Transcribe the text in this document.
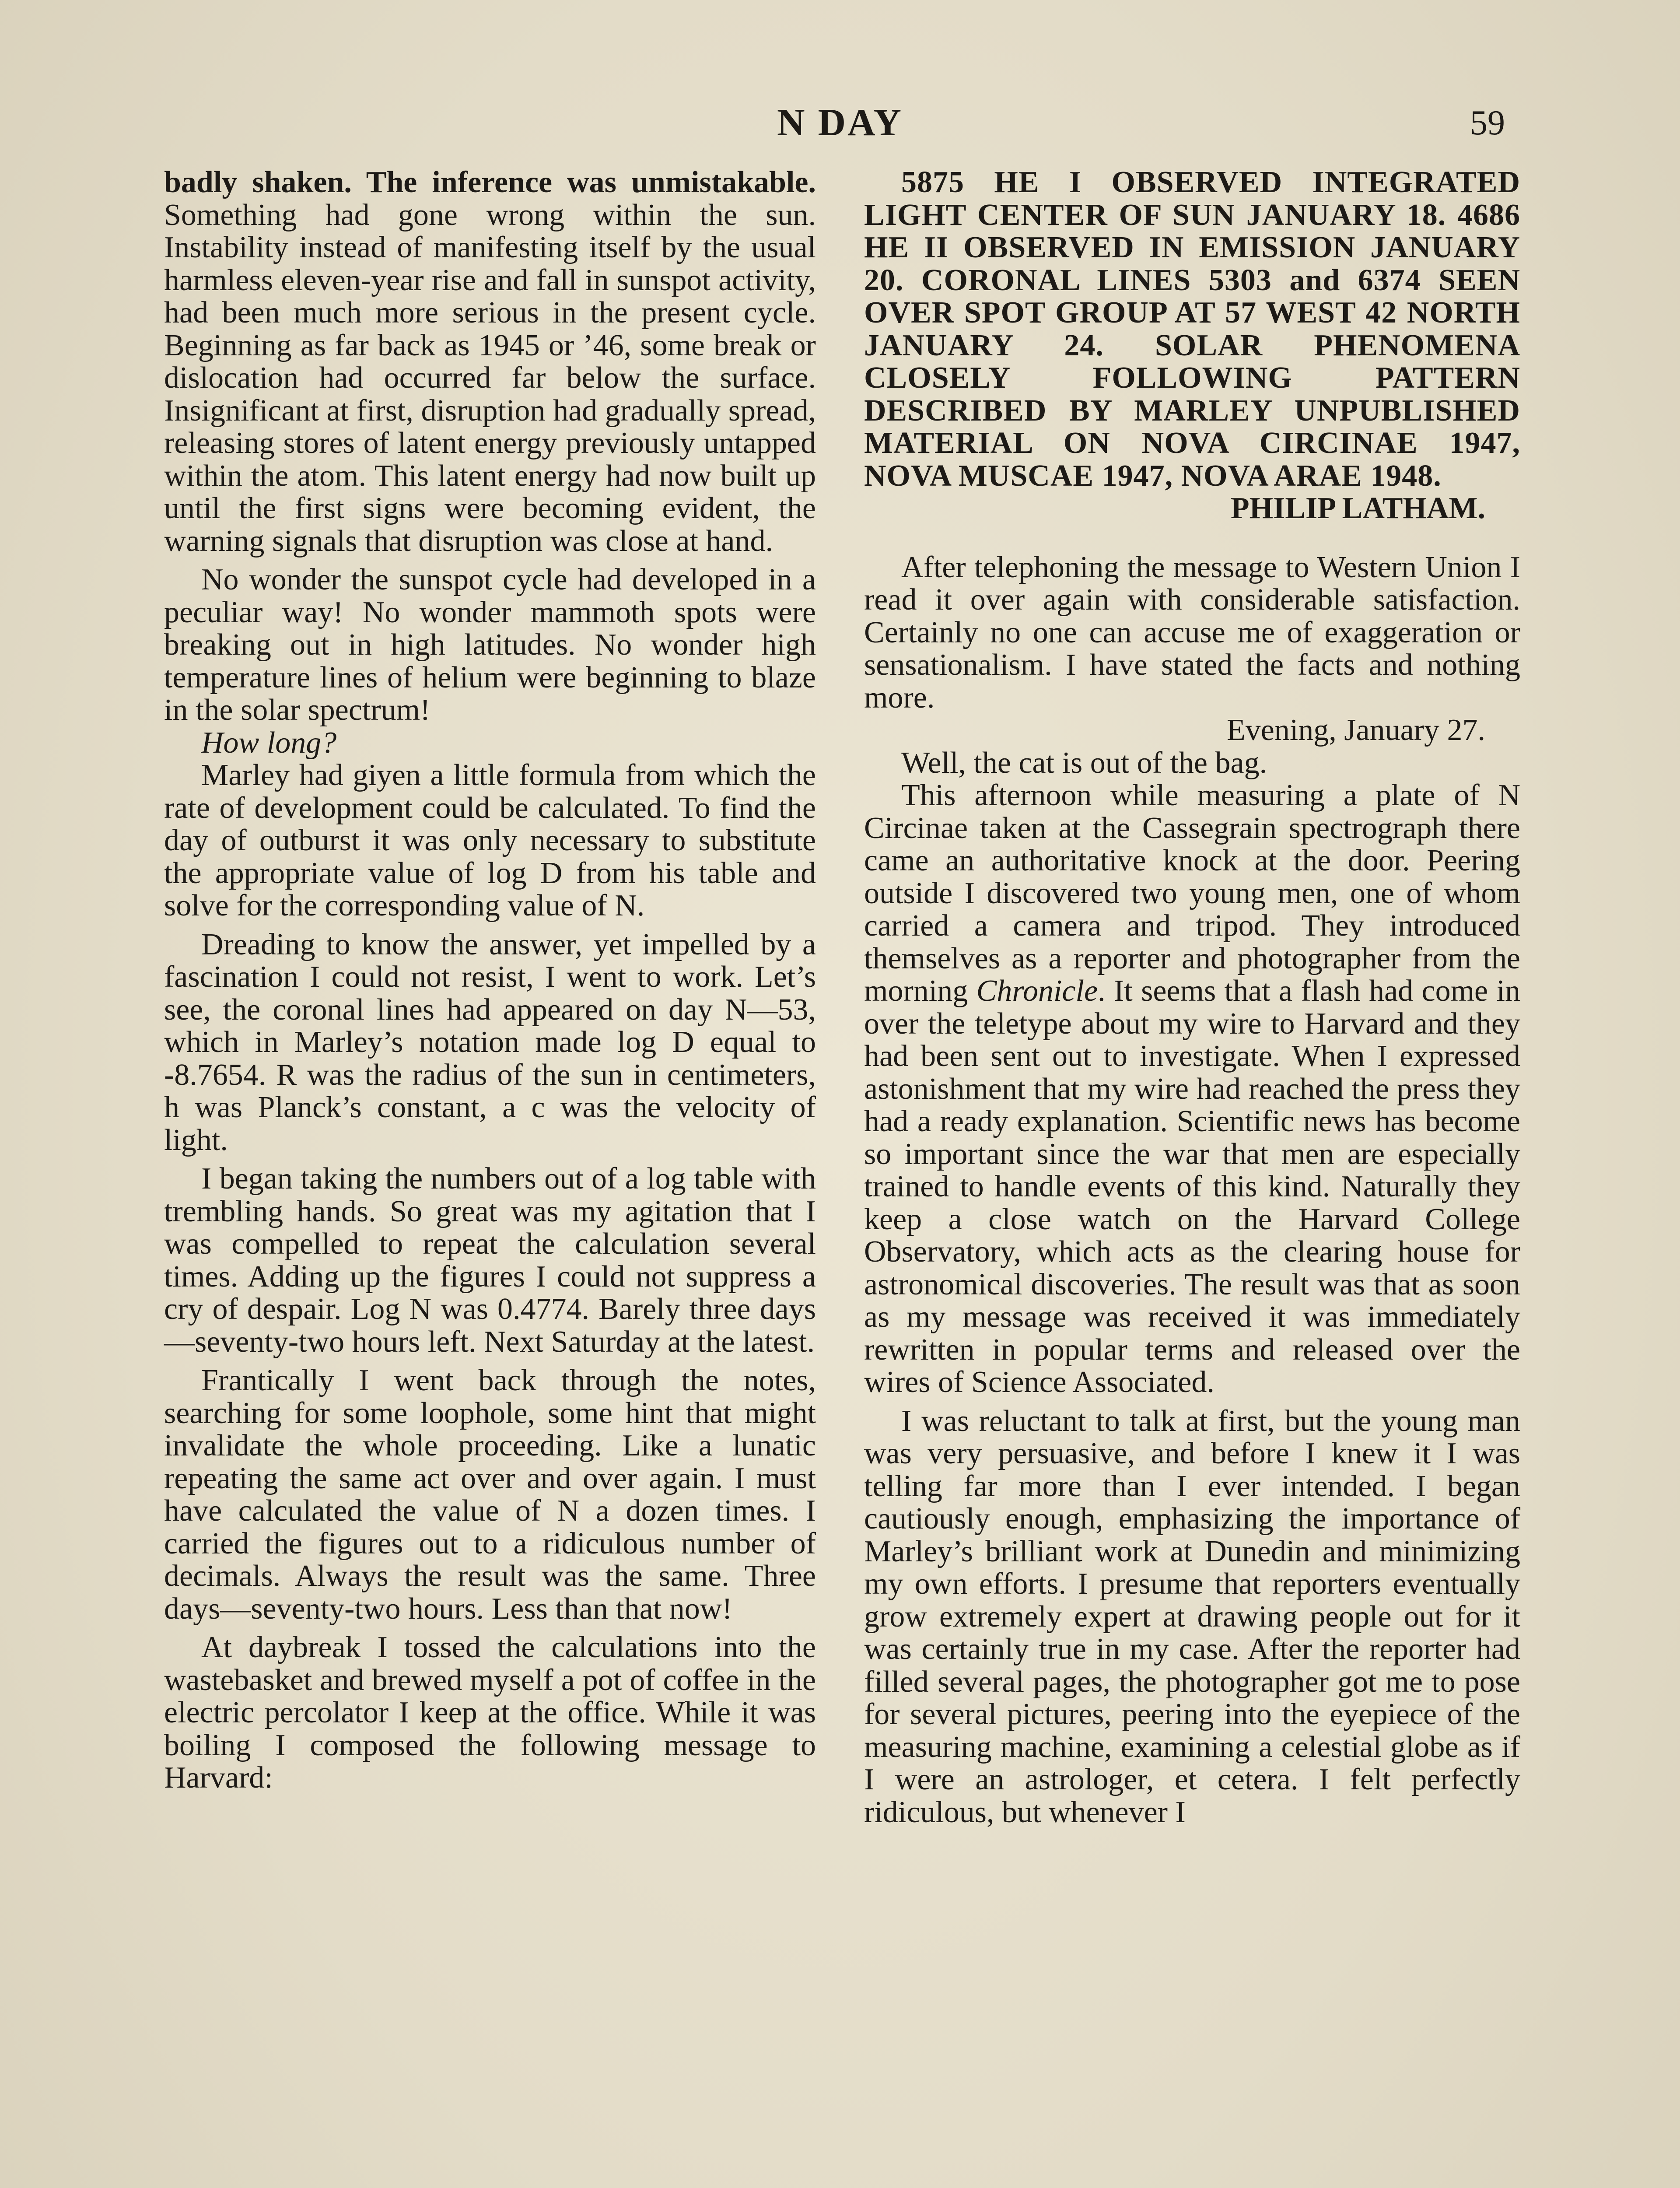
N DAY	59

badly shaken. The inference was unmistakable. Something had gone wrong within the sun. Instability instead of manifesting itself by the usual harmless eleven-year rise and fall in sunspot activity, had been much more serious in the present cycle. Beginning as far back as 1945 or ’46, some break or dislocation had occurred far below the surface. Insignificant at first, disruption had gradually spread, releasing stores of latent energy previously untapped within the atom. This latent energy had now built up until the first signs were becoming evident, the warning signals that disruption was close at hand.

No wonder the sunspot cycle had developed in a peculiar way! No wonder mammoth spots were breaking out in high latitudes. No wonder high temperature lines of helium were beginning to blaze in the solar spectrum!

How long?

Marley had giyen a little formula from which the rate of development could be calculated. To find the day of outburst it was only necessary to substitute the appropriate value of log D from his table and solve for the corresponding value of N.

Dreading to know the answer, yet impelled by a fascination I could not resist, I went to work. Let’s see, the coronal lines had appeared on day N—53, which in Marley’s notation made log D equal to -8.7654. R was the radius of the sun in centimeters, h was Planck’s constant, a c was the velocity of light.

I began taking the numbers out of a log table with trembling hands. So great was my agitation that I was compelled to repeat the calculation several times. Adding up the figures I could not suppress a cry of despair. Log N was 0.4774. Barely three days—seventy-two hours left. Next Saturday at the latest.

Frantically I went back through the notes, searching for some loophole, some hint that might invalidate the whole proceeding. Like a lunatic repeating the same act over and over again. I must have calculated the value of N a dozen times. I carried the figures out to a ridiculous number of decimals. Always the result was the same. Three days—seventy-two hours. Less than that now!

At daybreak I tossed the calculations into the wastebasket and brewed myself a pot of coffee in the electric percolator I keep at the office. While it was boiling I composed the following message to Harvard:

5875 HE I OBSERVED INTEGRATED LIGHT CENTER OF SUN JANUARY 18. 4686 HE II OBSERVED IN EMISSION JANUARY 20. CORONAL LINES 5303 and 6374 SEEN OVER SPOT GROUP AT 57 WEST 42 NORTH JANUARY 24. SOLAR PHENOMENA CLOSELY FOLLOWING PATTERN DESCRIBED BY MARLEY UNPUBLISHED MATERIAL ON NOVA CIRCINAE 1947, NOVA MUSCAE 1947, NOVA ARAE 1948.

PHILIP LATHAM.

After telephoning the message to Western Union I read it over again with considerable satisfaction. Certainly no one can accuse me of exaggeration or sensationalism. I have stated the facts and nothing more.

Evening, January 27.

Well, the cat is out of the bag.

This afternoon while measuring a plate of N Circinae taken at the Cassegrain spectrograph there came an authoritative knock at the door. Peering outside I discovered two young men, one of whom carried a camera and tripod. They introduced themselves as a reporter and photographer from the morning Chronicle. It seems that a flash had come in over the teletype about my wire to Harvard and they had been sent out to investigate. When I expressed astonishment that my wire had reached the press they had a ready explanation. Scientific news has become so important since the war that men are especially trained to handle events of this kind. Naturally they keep a close watch on the Harvard College Observatory, which acts as the clearing house for astronomical discoveries. The result was that as soon as my message was received it was immediately rewritten in popular terms and released over the wires of Science Associated.

I was reluctant to talk at first, but the young man was very persuasive, and before I knew it I was telling far more than I ever intended. I began cautiously enough, emphasizing the importance of Marley’s brilliant work at Dunedin and minimizing my own efforts. I presume that reporters eventually grow extremely expert at drawing people out for it was certainly true in my case. After the reporter had filled several pages, the photographer got me to pose for several pictures, peering into the eyepiece of the measuring machine, examining a celestial globe as if I were an astrologer, et cetera. I felt perfectly ridiculous, but whenever I
